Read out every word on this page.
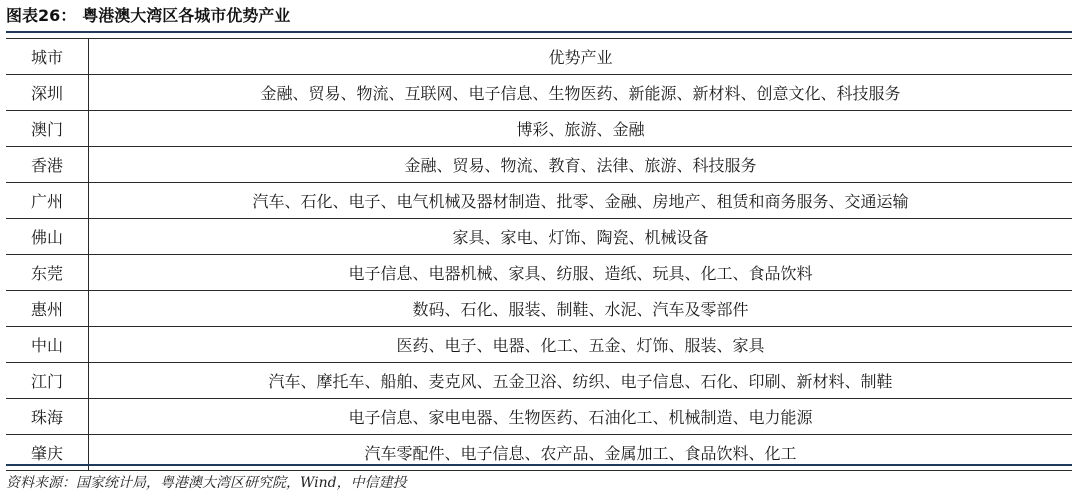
图表26： 粤港澳大湾区各城市优势产业
城市	优势产业
深圳	金融、贸易、物流、互联网、电子信息、生物医药、新能源、新材料、创意文化、科技服务
澳门	博彩、旅游、金融
香港	金融、贸易、物流、教育、法律、旅游、科技服务
广州	汽车、石化、电子、电气机械及器材制造、批零、金融、房地产、租赁和商务服务、交通运输
佛山	家具、家电、灯饰、陶瓷、机械设备
东莞	电子信息、电器机械、家具、纺服、造纸、玩具、化工、食品饮料
惠州	数码、石化、服装、制鞋、水泥、汽车及零部件
中山	医药、电子、电器、化工、五金、灯饰、服装、家具
江门	汽车、摩托车、船舶、麦克风、五金卫浴、纺织、电子信息、石化、印刷、新材料、制鞋
珠海	电子信息、家电电器、生物医药、石油化工、机械制造、电力能源
肇庆	汽车零配件、电子信息、农产品、金属加工、食品饮料、化工
资料来源：国家统计局，粤港澳大湾区研究院，Wind，中信建投
